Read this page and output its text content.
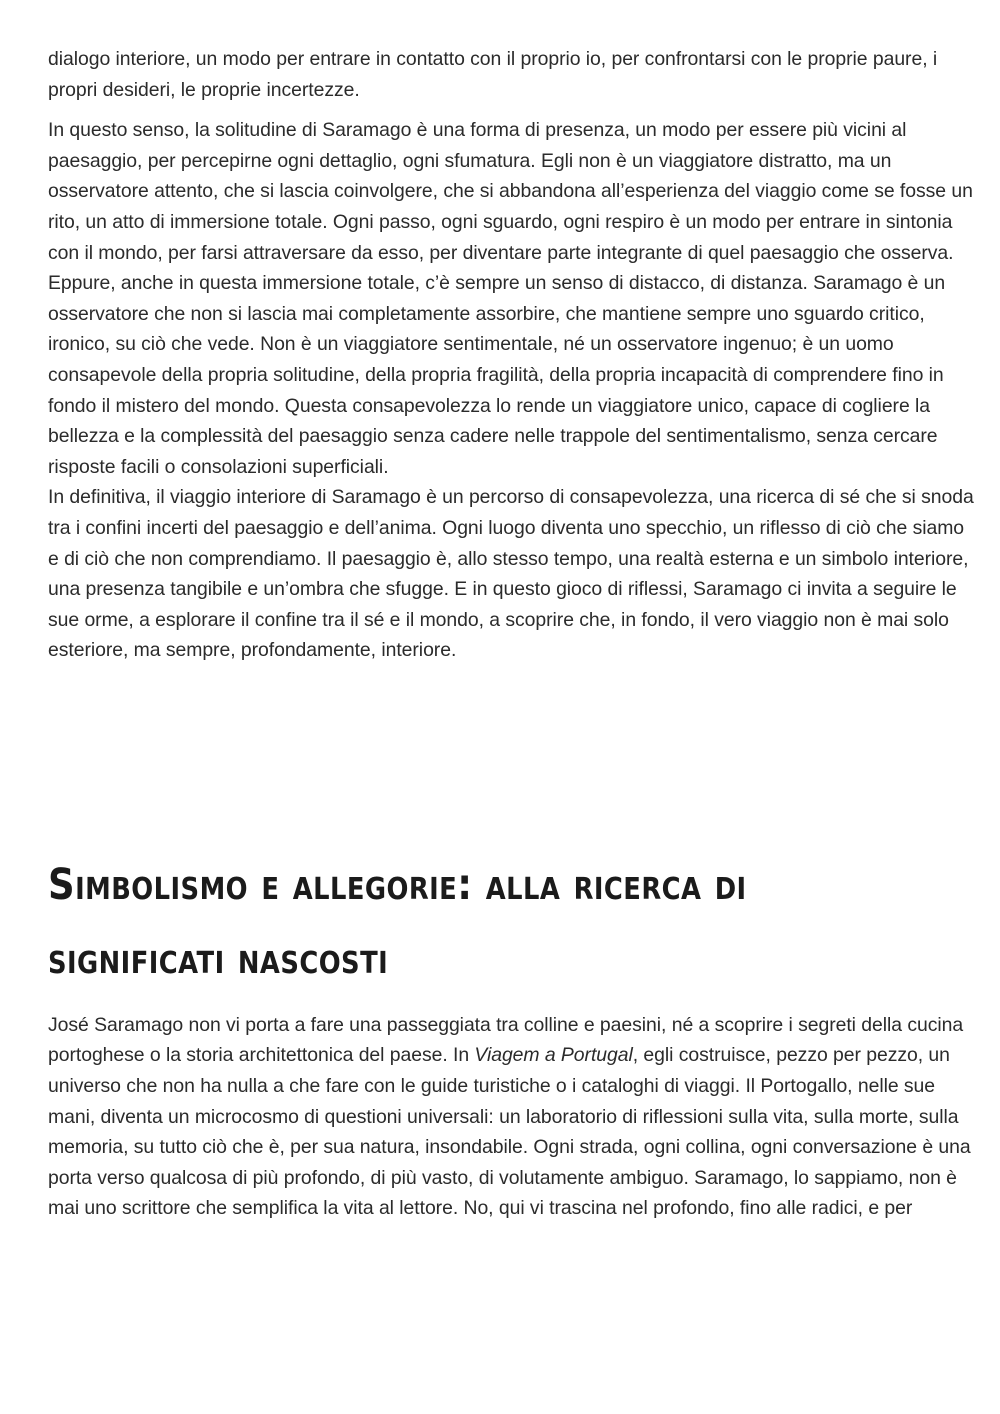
dialogo interiore, un modo per entrare in contatto con il proprio io, per confrontarsi con le proprie paure, i propri desideri, le proprie incertezze.

In questo senso, la solitudine di Saramago è una forma di presenza, un modo per essere più vicini al paesaggio, per percepirne ogni dettaglio, ogni sfumatura. Egli non è un viaggiatore distratto, ma un osservatore attento, che si lascia coinvolgere, che si abbandona all’esperienza del viaggio come se fosse un rito, un atto di immersione totale. Ogni passo, ogni sguardo, ogni respiro è un modo per entrare in sintonia con il mondo, per farsi attraversare da esso, per diventare parte integrante di quel paesaggio che osserva.

Eppure, anche in questa immersione totale, c’è sempre un senso di distacco, di distanza. Saramago è un osservatore che non si lascia mai completamente assorbire, che mantiene sempre uno sguardo critico, ironico, su ciò che vede. Non è un viaggiatore sentimentale, né un osservatore ingenuo; è un uomo consapevole della propria solitudine, della propria fragilità, della propria incapacità di comprendere fino in fondo il mistero del mondo. Questa consapevolezza lo rende un viaggiatore unico, capace di cogliere la bellezza e la complessità del paesaggio senza cadere nelle trappole del sentimentalismo, senza cercare risposte facili o consolazioni superficiali.

In definitiva, il viaggio interiore di Saramago è un percorso di consapevolezza, una ricerca di sé che si snoda tra i confini incerti del paesaggio e dell’anima. Ogni luogo diventa uno specchio, un riflesso di ciò che siamo e di ciò che non comprendiamo. Il paesaggio è, allo stesso tempo, una realtà esterna e un simbolo interiore, una presenza tangibile e un’ombra che sfugge. E in questo gioco di riflessi, Saramago ci invita a seguire le sue orme, a esplorare il confine tra il sé e il mondo, a scoprire che, in fondo, il vero viaggio non è mai solo esteriore, ma sempre, profondamente, interiore.

Simbolismo e allegorie: alla ricerca di
significati nascosti

José Saramago non vi porta a fare una passeggiata tra colline e paesini, né a scoprire i segreti della cucina portoghese o la storia architettonica del paese. In Viagem a Portugal, egli costruisce, pezzo per pezzo, un universo che non ha nulla a che fare con le guide turistiche o i cataloghi di viaggi. Il Portogallo, nelle sue mani, diventa un microcosmo di questioni universali: un laboratorio di riflessioni sulla vita, sulla morte, sulla memoria, su tutto ciò che è, per sua natura, insondabile. Ogni strada, ogni collina, ogni conversazione è una porta verso qualcosa di più profondo, di più vasto, di volutamente ambiguo. Saramago, lo sappiamo, non è mai uno scrittore che semplifica la vita al lettore. No, qui vi trascina nel profondo, fino alle radici, e per
